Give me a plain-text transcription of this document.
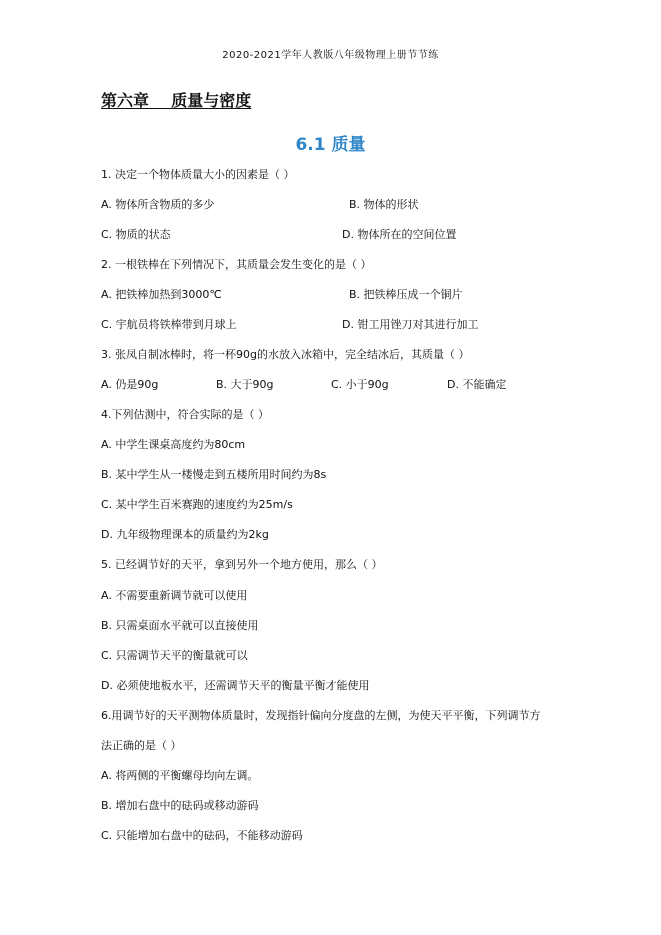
2020-2021学年人教版八年级物理上册节节练
第六章    质量与密度
6.1 质量
1. 决定一个物体质量大小的因素是（ ）
A. 物体所含物质的多少	B. 物体的形状
C. 物质的状态	D. 物体所在的空间位置
2. 一根铁棒在下列情况下，其质量会发生变化的是（ ）
A. 把铁棒加热到3000℃	B. 把铁棒压成一个铜片
C. 宇航员将铁棒带到月球上	D. 钳工用锉刀对其进行加工
3. 张凤自制冰棒时，将一杯90g的水放入冰箱中，完全结冰后，其质量（ ）
A. 仍是90g	B. 大于90g	C. 小于90g	D. 不能确定
4.下列估测中，符合实际的是（ ）
A. 中学生课桌高度约为80cm
B. 某中学生从一楼慢走到五楼所用时间约为8s
C. 某中学生百米赛跑的速度约为25m/s
D. 九年级物理课本的质量约为2kg
5. 已经调节好的天平，拿到另外一个地方使用，那么（ ）
A. 不需要重新调节就可以使用
B. 只需桌面水平就可以直接使用
C. 只需调节天平的衡量就可以
D. 必须使地板水平，还需调节天平的衡量平衡才能使用
6.用调节好的天平测物体质量时，发现指针偏向分度盘的左侧，为使天平平衡，下列调节方
法正确的是（ ）
A. 将两侧的平衡螺母均向左调。
B. 增加右盘中的砝码或移动游码
C. 只能增加右盘中的砝码，不能移动游码
